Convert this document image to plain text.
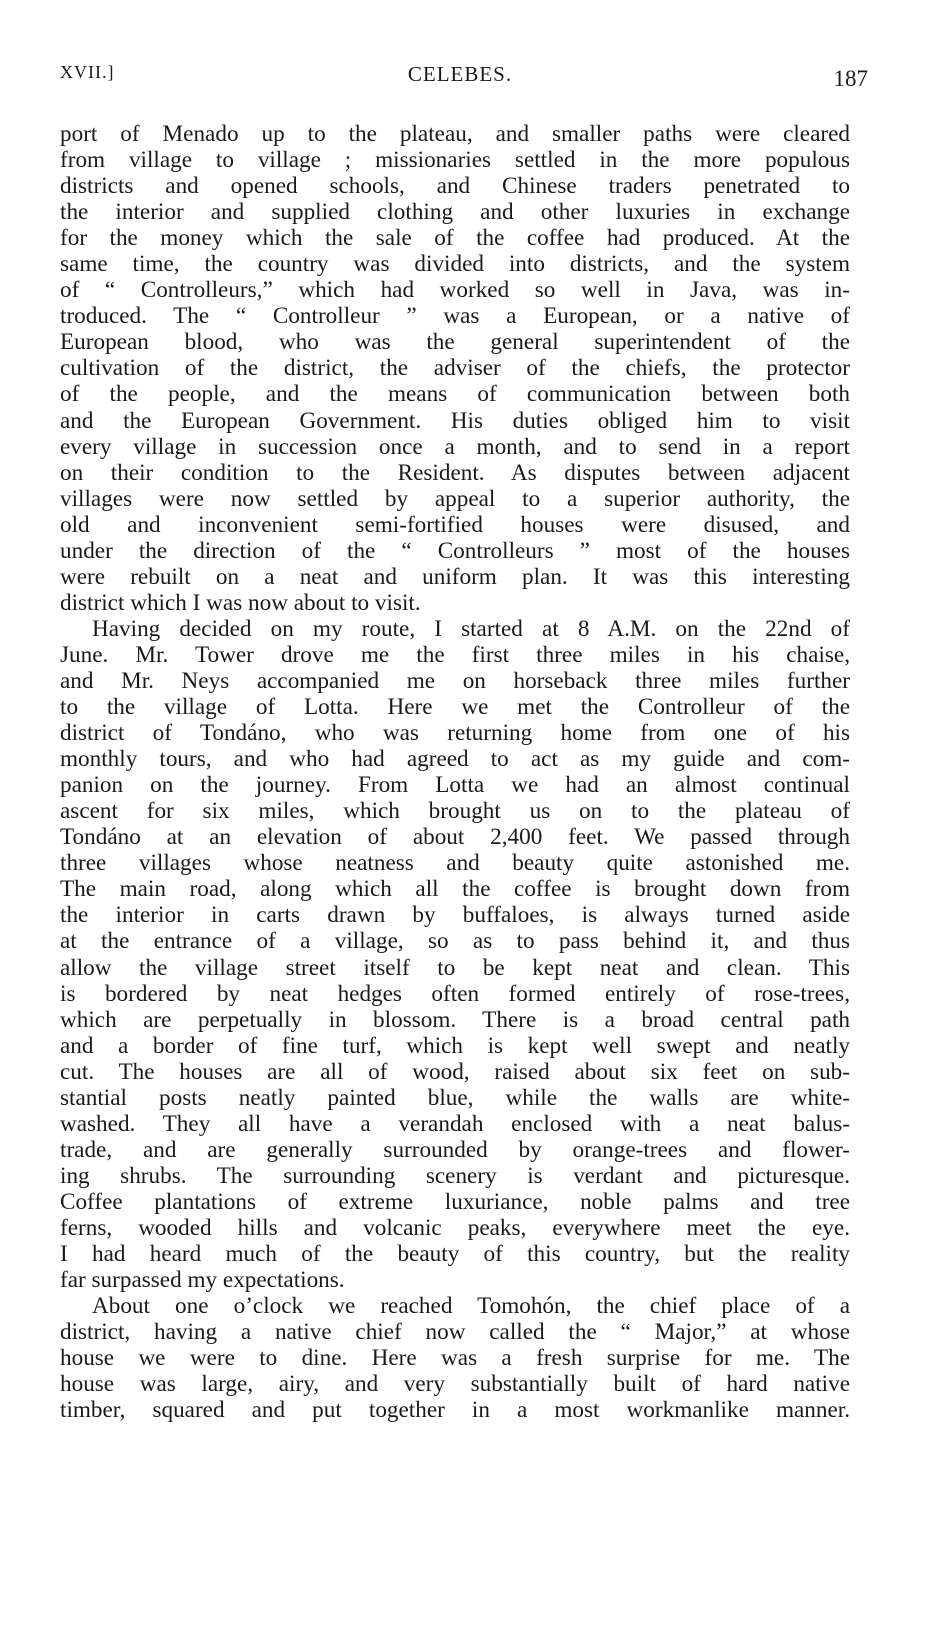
XVII.]	CELEBES.	187
port of Menado up to the plateau, and smaller paths were cleared
from village to village ; missionaries settled in the more populous
districts and opened schools, and Chinese traders penetrated to
the interior and supplied clothing and other luxuries in exchange
for the money which the sale of the coffee had produced. At the
same time, the country was divided into districts, and the system
of “ Controlleurs,” which had worked so well in Java, was in-
troduced. The “ Controlleur ” was a European, or a native of
European blood, who was the general superintendent of the
cultivation of the district, the adviser of the chiefs, the protector
of the people, and the means of communication between both
and the European Government. His duties obliged him to visit
every village in succession once a month, and to send in a report
on their condition to the Resident. As disputes between adjacent
villages were now settled by appeal to a superior authority, the
old and inconvenient semi-fortified houses were disused, and
under the direction of the “ Controlleurs ” most of the houses
were rebuilt on a neat and uniform plan. It was this interesting
district which I was now about to visit.
Having decided on my route, I started at 8 A.M. on the 22nd of
June. Mr. Tower drove me the first three miles in his chaise,
and Mr. Neys accompanied me on horseback three miles further
to the village of Lotta. Here we met the Controlleur of the
district of Tondáno, who was returning home from one of his
monthly tours, and who had agreed to act as my guide and com-
panion on the journey. From Lotta we had an almost continual
ascent for six miles, which brought us on to the plateau of
Tondáno at an elevation of about 2,400 feet. We passed through
three villages whose neatness and beauty quite astonished me.
The main road, along which all the coffee is brought down from
the interior in carts drawn by buffaloes, is always turned aside
at the entrance of a village, so as to pass behind it, and thus
allow the village street itself to be kept neat and clean. This
is bordered by neat hedges often formed entirely of rose-trees,
which are perpetually in blossom. There is a broad central path
and a border of fine turf, which is kept well swept and neatly
cut. The houses are all of wood, raised about six feet on sub-
stantial posts neatly painted blue, while the walls are white-
washed. They all have a verandah enclosed with a neat balus-
trade, and are generally surrounded by orange-trees and flower-
ing shrubs. The surrounding scenery is verdant and picturesque.
Coffee plantations of extreme luxuriance, noble palms and tree
ferns, wooded hills and volcanic peaks, everywhere meet the eye.
I had heard much of the beauty of this country, but the reality
far surpassed my expectations.
About one o’clock we reached Tomohón, the chief place of a
district, having a native chief now called the “ Major,” at whose
house we were to dine. Here was a fresh surprise for me. The
house was large, airy, and very substantially built of hard native
timber, squared and put together in a most workmanlike manner.
